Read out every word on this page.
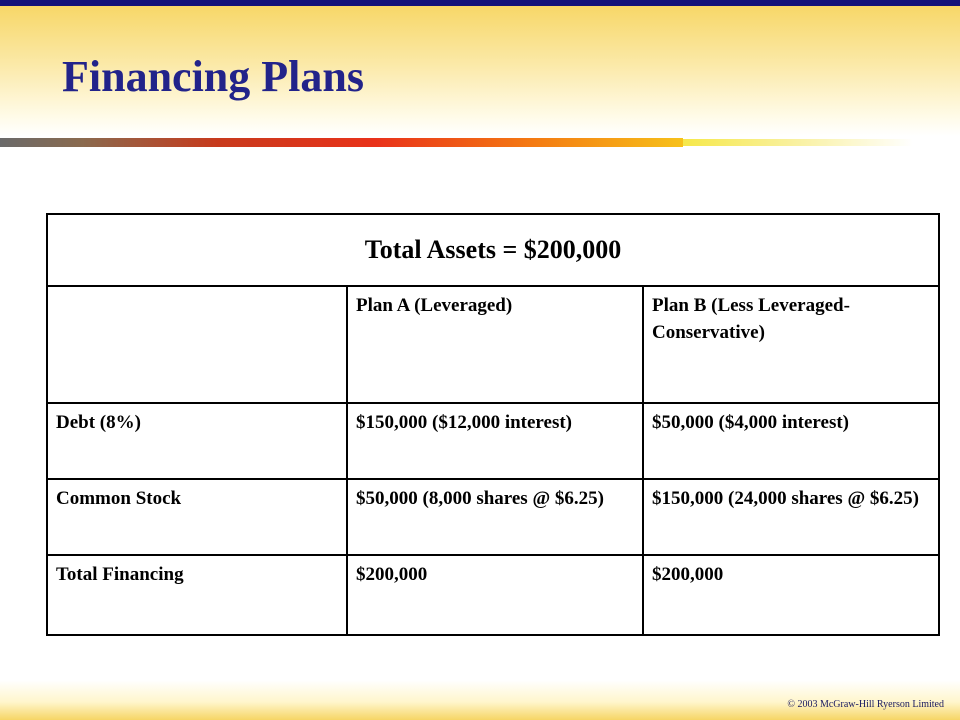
Financing Plans
Total Assets = $200,000		
	Plan A (Leveraged)	Plan B (Less Leveraged- Conservative)
Debt (8%)	$150,000 ($12,000 interest)	$50,000 ($4,000 interest)
Common Stock	$50,000 (8,000 shares @ $6.25)	$150,000 (24,000 shares @ $6.25)
Total Financing	$200,000	$200,000

© 2003 McGraw-Hill Ryerson Limited
